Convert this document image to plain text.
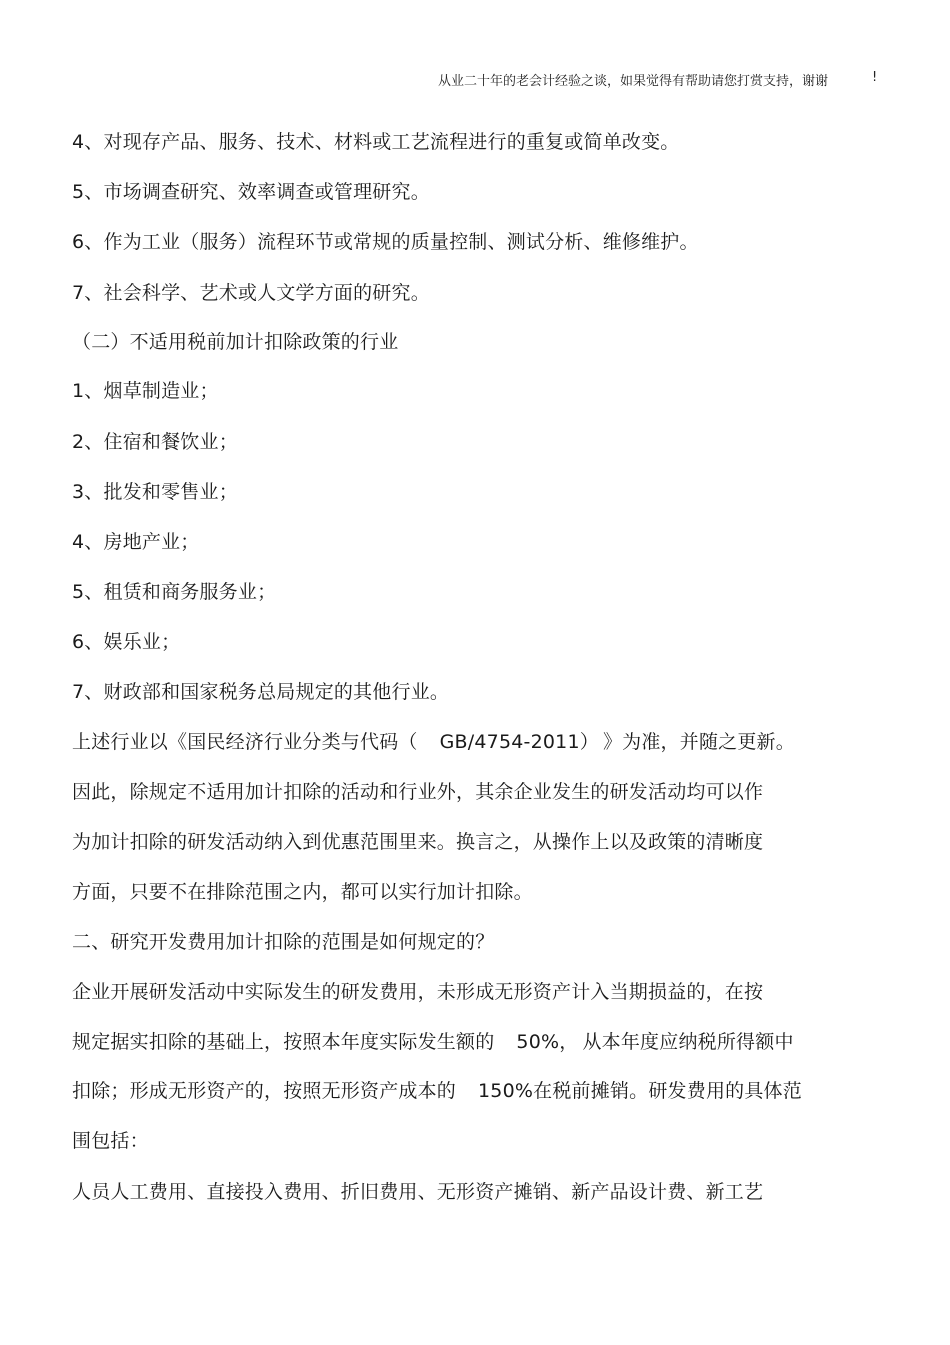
从业二十年的老会计经验之谈，如果觉得有帮助请您打赏支持，谢谢	!
4、对现存产品、服务、技术、材料或工艺流程进行的重复或简单改变。
5、市场调查研究、效率调查或管理研究。
6、作为工业（服务）流程环节或常规的质量控制、测试分析、维修维护。
7、社会科学、艺术或人文学方面的研究。
（二）不适用税前加计扣除政策的行业
1、烟草制造业；
2、住宿和餐饮业；
3、批发和零售业；
4、房地产业；
5、租赁和商务服务业；
6、娱乐业；
7、财政部和国家税务总局规定的其他行业。
上述行业以《国民经济行业分类与代码（ GB/4754-2011） 》为准，并随之更新。
因此，除规定不适用加计扣除的活动和行业外，其余企业发生的研发活动均可以作
为加计扣除的研发活动纳入到优惠范围里来。换言之，从操作上以及政策的清晰度
方面，只要不在排除范围之内，都可以实行加计扣除。
二、研究开发费用加计扣除的范围是如何规定的？
企业开展研发活动中实际发生的研发费用，未形成无形资产计入当期损益的，在按
规定据实扣除的基础上，按照本年度实际发生额的 50%， 从本年度应纳税所得额中
扣除；形成无形资产的，按照无形资产成本的 150%在税前摊销。研发费用的具体范
围包括：
人员人工费用、直接投入费用、折旧费用、无形资产摊销、新产品设计费、新工艺
